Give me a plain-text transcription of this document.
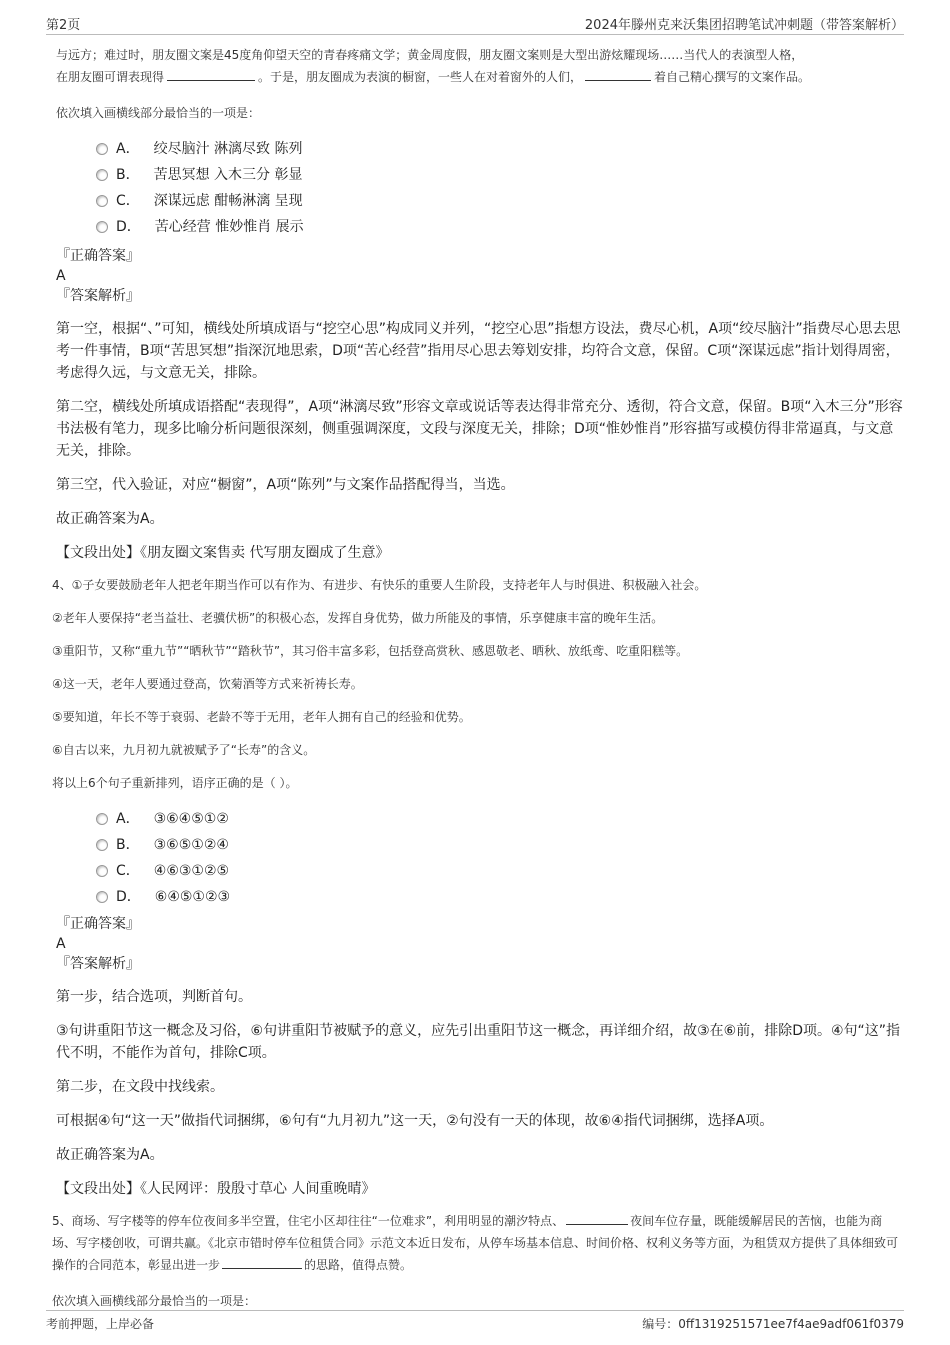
第2页	2024年滕州克来沃集团招聘笔试冲刺题（带答案解析）
与远方；难过时，朋友圈文案是45度角仰望天空的青春疼痛文学；黄金周度假，朋友圈文案则是大型出游炫耀现场……当代人的表演型人格，
在朋友圈可谓表现得	。于是，朋友圈成为表演的橱窗，一些人在对着窗外的人们，	着自己精心撰写的文案作品。
依次填入画横线部分最恰当的一项是：
A． 绞尽脑汁 淋漓尽致 陈列
B． 苦思冥想 入木三分 彰显
C． 深谋远虑 酣畅淋漓 呈现
D． 苦心经营 惟妙惟肖 展示
『正确答案』
A
『答案解析』
第一空，根据“、”可知，横线处所填成语与“挖空心思”构成同义并列，“挖空心思”指想方设法，费尽心机，A项“绞尽脑汁”指费尽心思去思考一件事情，B项“苦思冥想”指深沉地思索，D项“苦心经营”指用尽心思去筹划安排，均符合文意，保留。C项“深谋远虑”指计划得周密，考虑得久远，与文意无关，排除。
第二空，横线处所填成语搭配“表现得”，A项“淋漓尽致”形容文章或说话等表达得非常充分、透彻，符合文意，保留。B项“入木三分”形容书法极有笔力，现多比喻分析问题很深刻，侧重强调深度，文段与深度无关，排除；D项“惟妙惟肖”形容描写或模仿得非常逼真，与文意无关，排除。
第三空，代入验证，对应“橱窗”，A项“陈列”与文案作品搭配得当，当选。
故正确答案为A。
【文段出处】《朋友圈文案售卖 代写朋友圈成了生意》
4、①子女要鼓励老年人把老年期当作可以有作为、有进步、有快乐的重要人生阶段，支持老年人与时俱进、积极融入社会。
②老年人要保持“老当益壮、老骥伏枥”的积极心态，发挥自身优势，做力所能及的事情，乐享健康丰富的晚年生活。
③重阳节，又称“重九节”“晒秋节”“踏秋节”，其习俗丰富多彩，包括登高赏秋、感恩敬老、晒秋、放纸鸢、吃重阳糕等。
④这一天，老年人要通过登高，饮菊酒等方式来祈祷长寿。
⑤要知道，年长不等于衰弱、老龄不等于无用，老年人拥有自己的经验和优势。
⑥自古以来，九月初九就被赋予了“长寿”的含义。
将以上6个句子重新排列，语序正确的是（ ）。
A． ③⑥④⑤①②
B． ③⑥⑤①②④
C． ④⑥③①②⑤
D． ⑥④⑤①②③
『正确答案』
A
『答案解析』
第一步，结合选项，判断首句。
③句讲重阳节这一概念及习俗，⑥句讲重阳节被赋予的意义，应先引出重阳节这一概念，再详细介绍，故③在⑥前，排除D项。④句“这”指代不明，不能作为首句，排除C项。
第二步，在文段中找线索。
可根据④句“这一天”做指代词捆绑，⑥句有“九月初九”这一天，②句没有一天的体现，故⑥④指代词捆绑，选择A项。
故正确答案为A。
【文段出处】《人民网评：殷殷寸草心 人间重晚晴》
5、商场、写字楼等的停车位夜间多半空置，住宅小区却往往“一位难求”，利用明显的潮汐特点、	夜间车位存量，既能缓解居民的苦恼，也能为商场、写字楼创收，可谓共赢。《北京市错时停车位租赁合同》示范文本近日发布，从停车场基本信息、时间价格、权利义务等方面，为租赁双方提供了具体细致可操作的合同范本，彰显出进一步	的思路，值得点赞。
依次填入画横线部分最恰当的一项是：
考前押题，上岸必备	编号：0ff1319251571ee7f4ae9adf061f0379
